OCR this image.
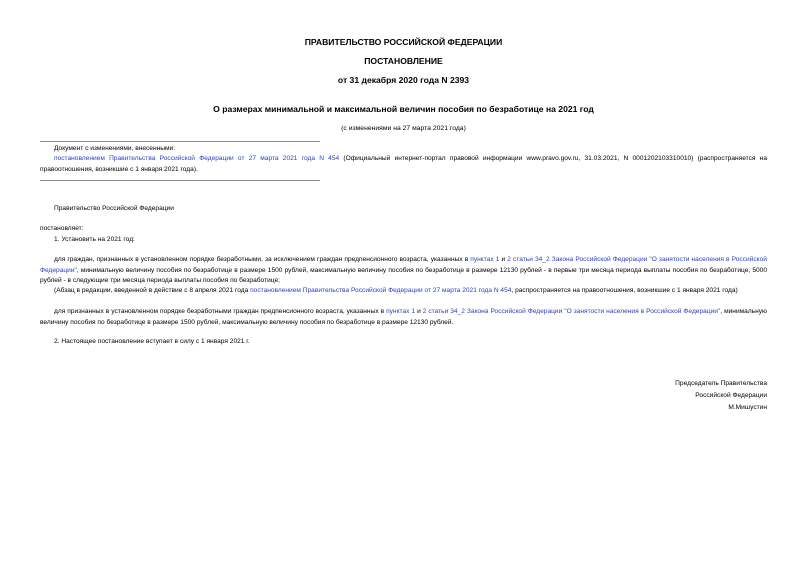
ПРАВИТЕЛЬСТВО РОССИЙСКОЙ ФЕДЕРАЦИИ
ПОСТАНОВЛЕНИЕ
от 31 декабря 2020 года N 2393
О размерах минимальной и максимальной величин пособия по безработице на 2021 год
(с изменениями на 27 марта 2021 года)
Документ с изменениями, внесенными:
постановлением Правительства Российской Федерации от 27 марта 2021 года N 454 (Официальный интернет-портал правовой информации www.pravo.gov.ru, 31.03.2021, N 0001202103310010) (распространяется на правоотношения, возникшие с 1 января 2021 года).
Правительство Российской Федерации
постановляет:
1. Установить на 2021 год:
для граждан, признанных в установленном порядке безработными, за исключением граждан предпенсионного возраста, указанных в пунктах 1 и 2 статьи 34_2 Закона Российской Федерации "О занятости населения в Российской Федерации", минимальную величину пособия по безработице в размере 1500 рублей, максимальную величину пособия по безработице в размере 12130 рублей - в первые три месяца периода выплаты пособия по безработице, 5000 рублей - в следующие три месяца периода выплаты пособия по безработице;
(Абзац в редакции, введенной в действие с 8 апреля 2021 года постановлением Правительства Российской Федерации от 27 марта 2021 года N 454, распространяется на правоотношения, возникшие с 1 января 2021 года)
для признанных в установленном порядке безработными граждан предпенсионного возраста, указанных в пунктах 1 и 2 статьи 34_2 Закона Российской Федерации "О занятости населения в Российской Федерации", минимальную величину пособия по безработице в размере 1500 рублей, максимальную величину пособия по безработице в размере 12130 рублей.
2. Настоящее постановление вступает в силу с 1 января 2021 г.
Председатель Правительства
Российской Федерации
М.Мишустин
